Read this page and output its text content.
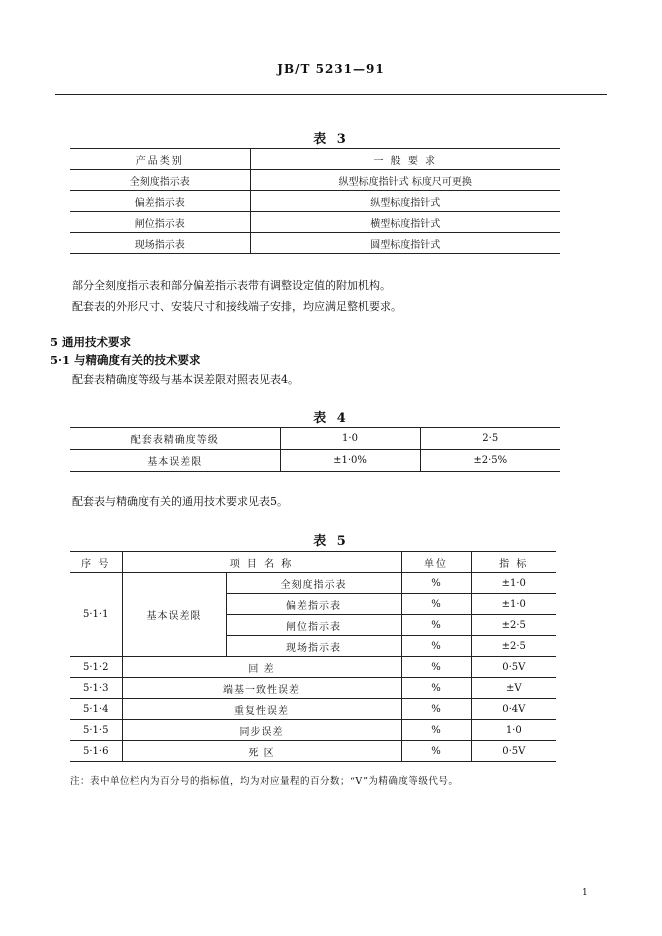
JB/T 5231—91
表 3
产品类别	一 般 要 求
全刻度指示表	纵型标度指针式 标度尺可更换
偏差指示表	纵型标度指针式
闸位指示表	横型标度指针式
现场指示表	圆型标度指针式
部分全刻度指示表和部分偏差指示表带有调整设定值的附加机构。
配套表的外形尺寸、安装尺寸和接线端子安排，均应满足整机要求。
5 通用技术要求
5·1 与精确度有关的技术要求
配套表精确度等级与基本误差限对照表见表4。
表 4
配套表精确度等级	1·0	2·5
基本误差限	±1·0%	±2·5%
配套表与精确度有关的通用技术要求见表5。
表 5
序 号	项 目 名 称		单位	指 标
5·1·1	基本误差限	全刻度指示表	%	±1·0
		偏差指示表	%	±1·0
		闸位指示表	%	±2·5
		现场指示表	%	±2·5
5·1·2	回 差		%	0·5V
5·1·3	端基一致性误差		%	±V
5·1·4	重复性误差		%	0·4V
5·1·5	同步误差		%	1·0
5·1·6	死 区		%	0·5V
注：表中单位栏内为百分号的指标值，均为对应量程的百分数；“V”为精确度等级代号。
1
